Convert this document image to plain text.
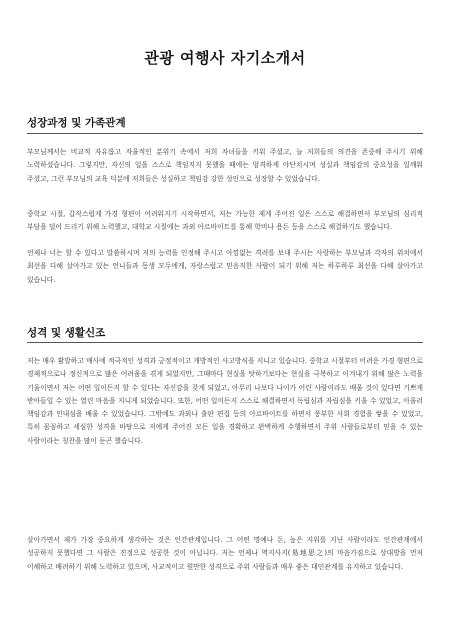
관광 여행사 자기소개서
성장과정 및 가족관계

부모님께서는 비교적 자유롭고 자율적인 분위기 속에서 저희 자녀들을 키워 주셨고, 늘 저희들의 의견을 존중해 주시기 위해 노력하셨습니다. 그렇지만, 자신의 일을 스스로 책임지지 못했을 때에는 엄격하게 야단치시며 성실과 책임감의 중요성을 일깨워 주셨고, 그런 부모님의 교육 덕분에 저희들은 성실하고 책임감 강한 성인으로 성장할 수 있었습니다.

중학교 시절, 갑작스럽게 가경 형편이 어려워지기 시작하면서, 저는 가능한 제게 주어진 일은 스스로 해결하면서 부모님의 심리적 부담을 덜어 드리기 위해 노력했고, 대학교 시절에는 과외 아르바이트를 통해 학비나 용돈 등을 스스로 해결하기도 했습니다.

언제나 너는 할 수 있다고 말씀하시며 저의 능력을 인정해 주시고 아낌없는 격려를 보내 주시는 사랑하는 부모님과 각자의 위치에서 최선을 다해 살아가고 있는 언니들과 동생 모두에게, 자랑스럽고 믿음직한 사람이 되기 위해 저는 하루하루 최선을 다해 살아가고 있습니다.

성격 및 생활신조

저는 매우 활발하고 매사에 적극적인 성격과 긍정적이고 개방적인 사고방식을 지니고 있습니다. 중학교 시절부터 어려운 가경 형편으로 경제적으로나 정신적으로 많은 어려움을 겪게 되었지만, 그때마다 현실을 탓하기보다는 현실을 극복하고 이겨내기 위해 많은 노력을 기울이면서 저는 어떤 일이든지 할 수 있다는 자신감을 갖게 되었고, 아무리 나보다 나이가 어린 사람이라도 배울 것이 있다면 기쁘게 받아들일 수 있는 열린 마음을 지니게 되었습니다. 또한, 어떤 일이든지 스스로 해결하면서 독립심과 자립심을 키울 수 있었고, 아울러 책임감과 인내심을 배울 수 있었습니다. 그밖에도 과외나 출판 편집 등의 아르바이트를 하면서 풍부한 사회 경험을 쌓을 수 있었고, 특히 꼼꼼하고 세심한 성격을 바탕으로 저에게 주어진 모든 일을 경확하고 완벽하게 수행하면서 주위 사람들로부터 믿을 수 있는 사람이라는 칭찬을 많이 듣곤 했습니다.

살아가면서 제가 가장 중요하게 생각하는 것은 인간관계입니다. 그 어떤 명예나 돈, 높은 지위를 지닌 사람이라도 인간관계에서 성공하지 못했다면 그 사람은 진정으로 성공한 것이 아닙니다. 저는 언제나 역지사지(易地思之)의 마음가짐으로 상대방을 먼저 이해하고 배려하기 위해 노력하고 있으며, 사교적이고 원만한 성격으로 주위 사람들과 매우 좋은 대인관계를 유지하고 있습니다.
